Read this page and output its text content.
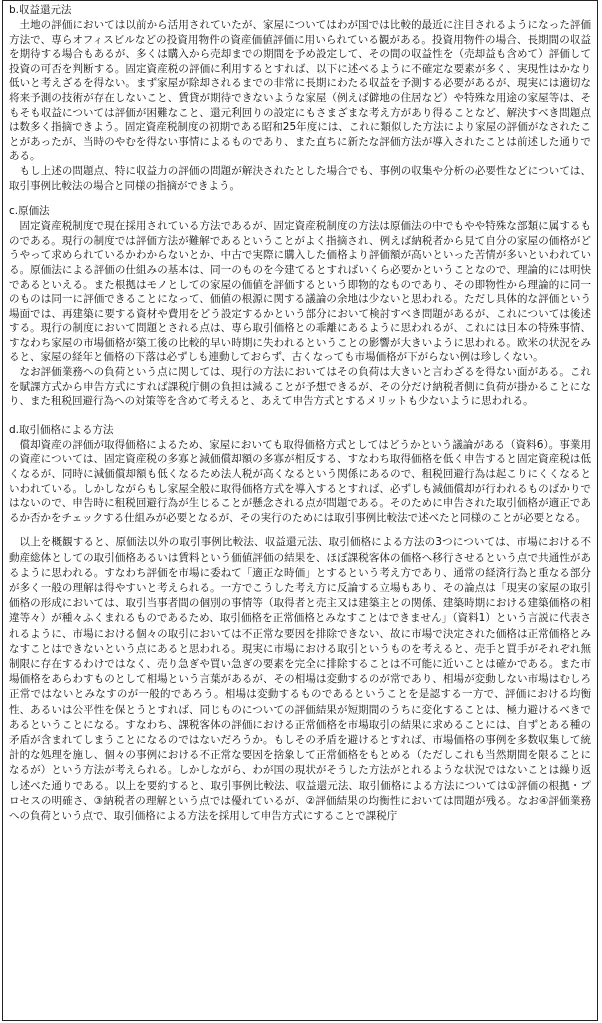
b.収益還元法

土地の評価においては以前から活用されていたが、家屋についてはわが国では比較的最近に注目されるようになった評価方法で、専らオフィスビルなどの投資用物件の資産価値評価に用いられている観がある。投資用物件の場合、長期間の収益を期待する場合もあるが、多くは購入から売却までの期間を予め設定して、その間の収益性を（売却益も含めて）評価して投資の可否を判断する。固定資産税の評価に利用するとすれば、以下に述べるように不確定な要素が多く、実現性はかなり低いと考えざるを得ない。まず家屋が除却されるまでの非常に長期にわたる収益を予測する必要があるが、現実には適切な将来予測の技術が存在しないこと、賃貸が期待できないような家屋（例えば僻地の住居など）や特殊な用途の家屋等は、そもそも収益については評価が困難なこと、還元利回りの設定にもさまざまな考え方があり得ることなど、解決すべき問題点は数多く指摘できよう。固定資産税制度の初期である昭和25年度には、これに類似した方法により家屋の評価がなされたことがあったが、当時のやむを得ない事情によるものであり、また直ちに新たな評価方法が導入されたことは前述した通りである。

もし上述の問題点、特に収益力の評価の問題が解決されたとした場合でも、事例の収集や分析の必要性などについては、取引事例比較法の場合と同様の指摘ができよう。

c.原価法

固定資産税制度で現在採用されている方法であるが、固定資産税制度の方法は原価法の中でもやや特殊な部類に属するものである。現行の制度では評価方法が難解であるということがよく指摘され、例えば納税者から見て自分の家屋の価格がどうやって求められているかわからないとか、中古で実際に購入した価格より評価額が高いといった苦情が多いといわれている。原価法による評価の仕組みの基本は、同一のものを今建てるとすればいくら必要かということなので、理論的には明快であるといえる。また根拠はモノとしての家屋の価値を評価するという即物的なものであり、その即物性から理論的に同一のものは同一に評価できることになって、価値の根源に関する議論の余地は少ないと思われる。ただし具体的な評価という場面では、再建築に要する資材や費用をどう設定するかという部分において検討すべき問題があるが、これについては後述する。現行の制度において問題とされる点は、専ら取引価格との乖離にあるように思われるが、これには日本の特殊事情、すなわち家屋の市場価格が築工後の比較的早い時期に失われるということの影響が大きいように思われる。欧米の状況をみると、家屋の経年と価格の下落は必ずしも連動しておらず、古くなっても市場価格が下がらない例は珍しくない。

なお評価業務への負荷という点に関しては、現行の方法においてはその負荷は大きいと言わざるを得ない面がある。これを賦課方式から申告方式にすれば課税庁側の負担は減ることが予想できるが、その分だけ納税者側に負荷が掛かることになり、また租税回避行為への対策等を含めて考えると、あえて申告方式とするメリットも少ないように思われる。

d.取引価格による方法

償却資産の評価が取得価格によるため、家屋においても取得価格方式としてはどうかという議論がある（資料6）。事業用の資産については、固定資産税の多寡と減価償却額の多寡が相反する、すなわち取得価格を低く申告すると固定資産税は低くなるが、同時に減価償却額も低くなるため法人税が高くなるという関係にあるので、租税回避行為は起こりにくくなるといわれている。しかしながらもし家屋全般に取得価格方式を導入するとすれば、必ずしも減価償却が行われるものばかりではないので、申告時に租税回避行為が生じることが懸念される点が問題である。そのために申告された取引価格が適正であるか否かをチェックする仕組みが必要となるが、その実行のためには取引事例比較法で述べたと同様のことが必要となる。

以上を概観すると、原価法以外の取引事例比較法、収益還元法、取引価格による方法の3つについては、市場における不動産総体としての取引価格あるいは賃料という価値評価の結果を、ほぼ課税客体の価格へ移行させるという点で共通性があるように思われる。すなわち評価を市場に委ねて「適正な時価」とするという考え方であり、通常の経済行為と重なる部分が多く一般の理解は得やすいと考えられる。一方でこうした考え方に反論する立場もあり、その論点は「現実の家屋の取引価格の形成においては、取引当事者間の個別の事情等（取得者と売主又は建築主との関係、建築時期における建築価格の相違等々）が種々ふくまれるものであるため、取引価格を正常価格とみなすことはできません」（資料1）という言説に代表されるように、市場における個々の取引においては不正常な要因を排除できない、故に市場で決定された価格は正常価格とみなすことはできないという点にあると思われる。現実に市場における取引というものを考えると、売手と買手がそれぞれ無制限に存在するわけではなく、売り急ぎや買い急ぎの要素を完全に排除することは不可能に近いことは確かである。また市場価格をあらわすものとして相場という言葉があるが、その相場は変動するのが常であり、相場が変動しない市場はむしろ正常ではないとみなすのが一般的であろう。相場は変動するものであるということを是認する一方で、評価における均衡性、あるいは公平性を保とうとすれば、同じものについての評価結果が短期間のうちに変化することは、極力避けるべきであるということになる。すなわち、課税客体の評価における正常価格を市場取引の結果に求めることには、自ずとある種の矛盾が含まれてしまうことになるのではないだろうか。もしその矛盾を避けるとすれば、市場価格の事例を多数収集して統計的な処理を施し、個々の事例における不正常な要因を捨象して正常価格をもとめる（ただしこれも当然期間を限ることになるが）という方法が考えられる。しかしながら、わが国の現状がそうした方法がとれるような状況ではないことは繰り返し述べた通りである。以上を要約すると、取引事例比較法、収益還元法、取引価格による方法については①評価の根拠・プロセスの明確さ、③納税者の理解という点では優れているが、②評価結果の均衡性においては問題が残る。なお④評価業務への負荷という点で、取引価格による方法を採用して申告方式にすることで課税庁
